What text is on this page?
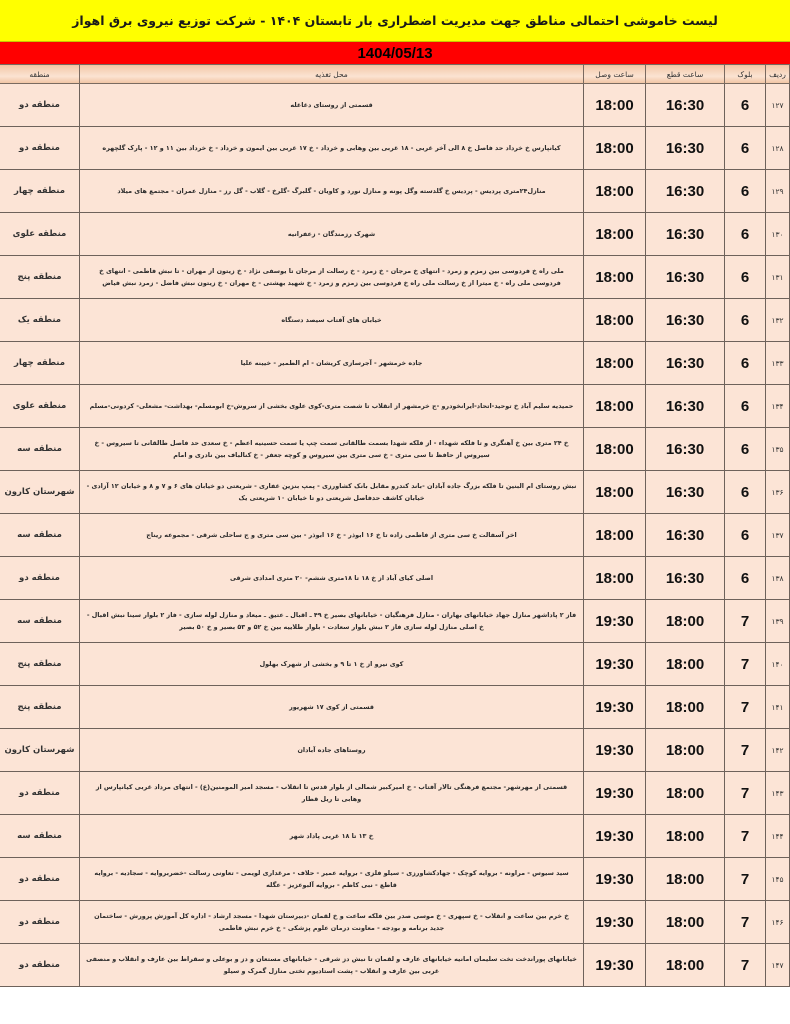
لیست خاموشی احتمالی مناطق جهت مدیریت اضطراری بار تابستان ۱۴۰۴ - شرکت توزیع نیروی برق اهواز
1404/05/13
ردیف	بلوک	ساعت قطع	ساعت وصل	محل تغذیه	منطقه
۱۲۷	6	16:30	18:00	قسمتی از روستای دغاغله	منطقه دو
۱۲۸	6	16:30	18:00	کیانپارس خ خرداد حد فاصل خ ۸ الی آخر غربی - ۱۸ غربی بین وهابی و خرداد - خ ۱۷ غربی بین ایمون و خرداد - خ خرداد بین ۱۱ و ۱۲ - پارک گلچهره	منطقه دو
۱۲۹	6	16:30	18:00	منازل۲۴متری پردیس - پردیس خ گلدسته وگل پونه و منازل نورد و کاویان - گلبرگ -گلرخ - گلاب - گل رز - منازل عمران - مجتمع های میلاد	منطقه چهار
۱۳۰	6	16:30	18:00	شهرک رزمندگان - زعفرانیه	منطقه علوی
۱۳۱	6	16:30	18:00	ملی راه خ فردوسی بین زمزم و زمرد - انتهای خ مرجان - خ زمرد - خ رسالت از مرجان تا یوسفی نژاد - خ زیتون از مهران - تا نبش فاطمی - انتهای خ فردوسی ملی راه - خ میترا از خ رسالت ملی راه خ فردوسی بین زمزم و زمرد - خ شهید بهشتی - خ مهران - خ زیتون نبش فاضل - زمرد نبش فیاض	منطقه پنج
۱۳۲	6	16:30	18:00	خیابان های آفتاب سیصد دستگاه	منطقه یک
۱۳۳	6	16:30	18:00	جاده خرمشهر - آجرسازی کریشان - ام الطمیر - خیینه علیا	منطقه چهار
۱۳۴	6	16:30	18:00	حمیدیه سلیم آباد خ توحید-اتحاد-ایرانخودرو -ج خرمشهر از انقلاب تا شصت متری-کوی علوی بخشی از سروش-خ ابومسلم- بهداشت- مشعلی- کردونی-مسلم	منطقه علوی
۱۳۵	6	16:30	18:00	خ ۲۴ متری بین خ آهنگری و تا فلکه شهداء - از فلکه شهدا بسمت طالقانی سمت چپ یا سمت حسینیه اعظم - خ سعدی حد فاصل طالقانی تا سیروس - خ سیروس از حافظ تا سی متری - خ سی متری بین سیروس و کوچه جعفر - خ کنالباف بین نادری و امام	منطقه سه
۱۳۶	6	16:30	18:00	نبش روستای ام البنین تا فلکه بزرگ جاده آبادان -باند کندرو مقابل بانک کشاورزی - پمپ بنزین غفاری - شریعتی دو خیابان های ۶ و ۷ و ۸ و خیابان ۱۲ آزادی - خیابان کاشف حدفاصل شریعتی دو تا خیابان ۱۰ شریعتی یک	شهرستان کارون
۱۳۷	6	16:30	18:00	اخر آسفالت خ سی متری از فاطمی زاده تا خ ۱۶ ابوذر - خ ۱۶ ابوذر - بین سی متری و ج ساحلی شرقی - مجموعه ریناج	منطقه سه
۱۳۸	6	16:30	18:00	اصلی کیای آباد از خ ۱۸ تا ۱۸متری ششم- ۲۰ متری امدادی شرقی	منطقه دو
۱۳۹	7	18:00	19:30	فاز ۲ پاداشهر منازل جهاد خیابانهای بهاران - منازل فرهنگیان - خیابانهای بصیر خ ۴۹ ـ اقبال ـ عتیق ـ میعاد و منازل لوله سازی - فاز ۲ بلوار سینا نبش اقبال - خ اصلی منازل لوله سازی فاز ۲ نبش بلوار سعادت - بلوار طلاییه بین خ ۵۲ و ۵۳ بصیر و خ ۵۰ بصیر	منطقه سه
۱۴۰	7	18:00	19:30	کوی نیرو از خ ۱ تا ۹ و بخشی از شهرک بهلول	منطقه پنج
۱۴۱	7	18:00	19:30	قسمتی از کوی ۱۷ شهریور	منطقه پنج
۱۴۲	7	18:00	19:30	روستاهای جاده آبادان	شهرستان کارون
۱۴۳	7	18:00	19:30	قسمتی از مهرشهر- مجتمع فرهنگی تالار آفتاب - خ امیرکبیر شمالی از بلوار قدس تا انقلاب - مسجد امیر المومنین(ع) - انتهای مرداد غربی کیانپارس از وهابی تا ریل قطار	منطقه دو
۱۴۴	7	18:00	19:30	خ ۱۳ تا ۱۸ غربی پاداد شهر	منطقه سه
۱۴۵	7	18:00	19:30	سید سیوس - مراونه - بروایه کوچک - جهادکشاورزی - سیلو فلزی - بروایه عمیر - حلاف - مرغداری لویمی - تعاونی رسالت -خضربروایه - سجادیه - بروایه قاطع - نبی کاظم - بروایه آلبوعزیز - عگله	منطقه دو
۱۴۶	7	18:00	19:30	خ خرم بین ساعت و انقلاب - خ سپهری - خ موسی صدر بین فلکه ساعت و خ لقمان -دبیرستان شهدا - مسجد ارشاد - اداره کل آموزش پرورش - ساختمان جدید برنامه و بودجه - معاونت درمان علوم پزشکی - خ خرم نبش فاطمی	منطقه دو
۱۴۷	7	18:00	19:30	خیابانهای پوراندخت تخت سلیمان امانیه خیابانهای عارف و لقمان تا نبش دز شرقی - خیابانهای مستعان و دز و بوعلی و سقراط بین عارف و انقلاب و منصفی غربی بین عارف و انقلاب - پشت استادیوم تختی منازل گمرک و سیلو	منطقه دو
